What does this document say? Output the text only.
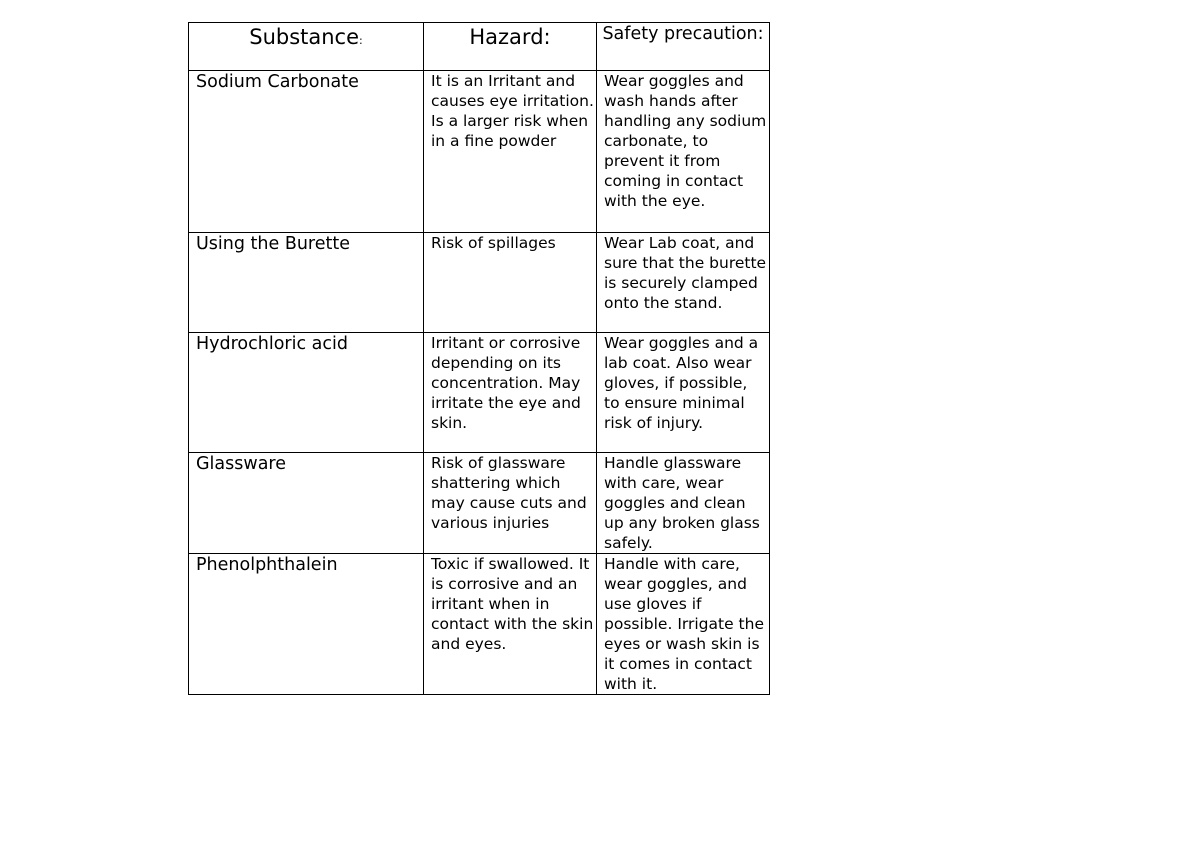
Substance:	Hazard:	Safety precaution:
Sodium Carbonate	It is an Irritant and causes eye irritation. Is a larger risk when in a fine powder	Wear goggles and wash hands after handling any sodium carbonate, to prevent it from coming in contact with the eye.
Using the Burette	Risk of spillages	Wear Lab coat, and sure that the burette is securely clamped onto the stand.
Hydrochloric acid	Irritant or corrosive depending on its concentration. May irritate the eye and skin.	Wear goggles and a lab coat. Also wear gloves, if possible, to ensure minimal risk of injury.
Glassware	Risk of glassware shattering which may cause cuts and various injuries	Handle glassware with care, wear goggles and clean up any broken glass safely.
Phenolphthalein	Toxic if swallowed. It is corrosive and an irritant when in contact with the skin and eyes.	Handle with care, wear goggles, and use gloves if possible. Irrigate the eyes or wash skin is it comes in contact with it.
